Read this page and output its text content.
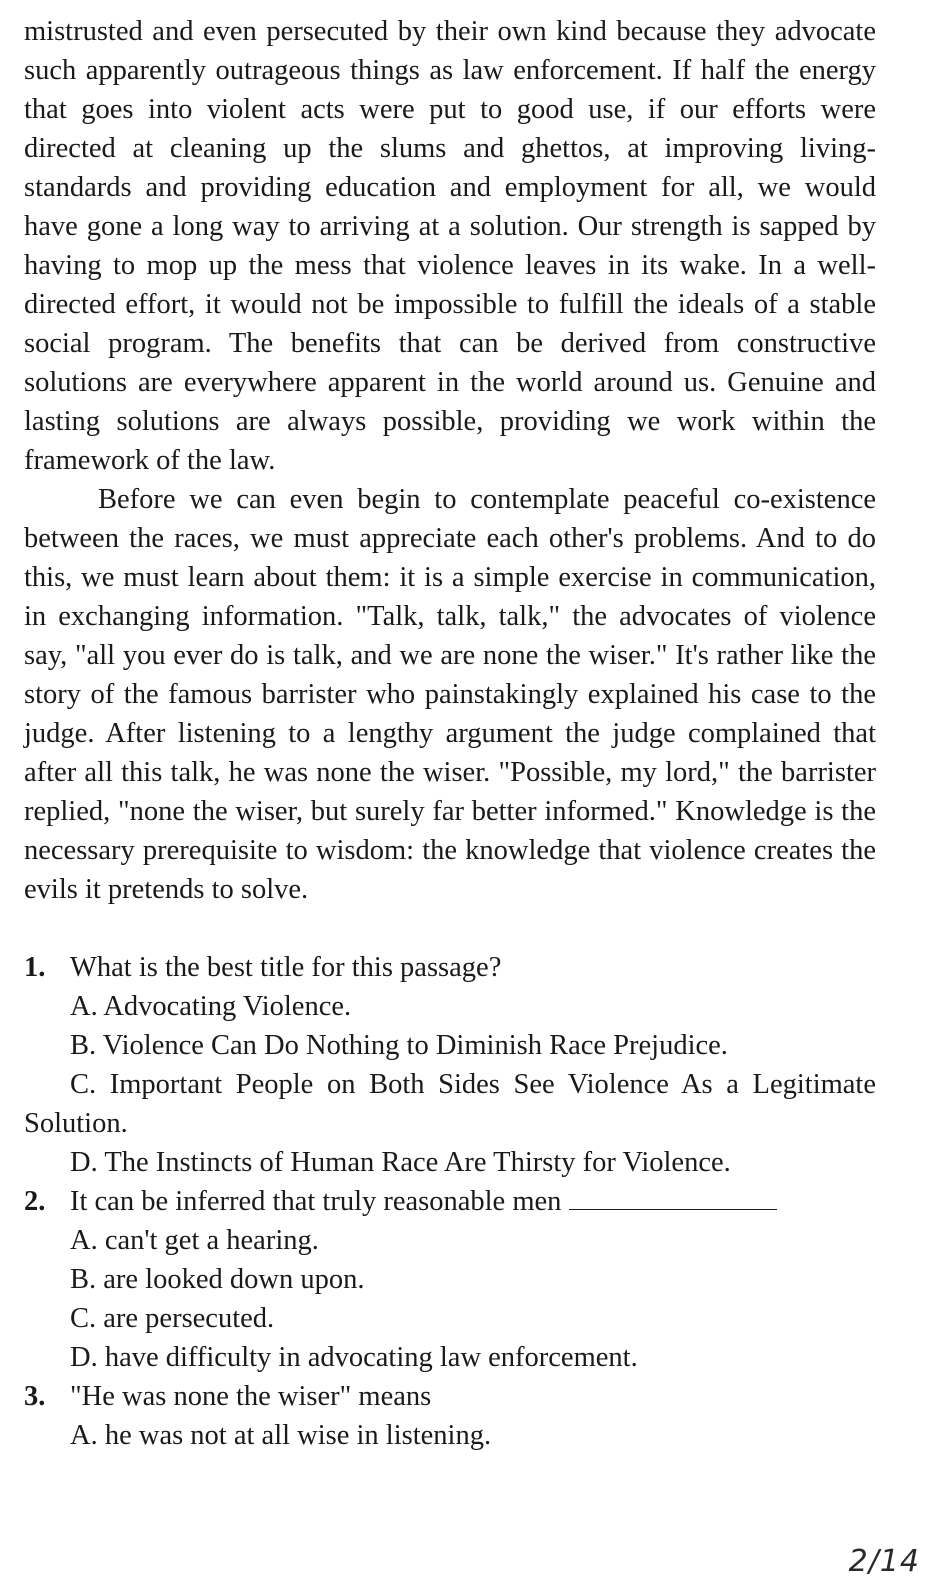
mistrusted and even persecuted by their own kind because they advocate such apparently outrageous things as law enforcement. If half the energy that goes into violent acts were put to good use, if our efforts were directed at cleaning up the slums and ghettos, at improving living-standards and providing education and employment for all, we would have gone a long way to arriving at a solution. Our strength is sapped by having to mop up the mess that violence leaves in its wake. In a well-directed effort, it would not be impossible to fulfill the ideals of a stable social program. The benefits that can be derived from constructive solutions are everywhere apparent in the world around us. Genuine and lasting solutions are always possible, providing we work within the framework of the law.

Before we can even begin to contemplate peaceful co-existence between the races, we must appreciate each other's problems. And to do this, we must learn about them: it is a simple exercise in communication, in exchanging information. "Talk, talk, talk," the advocates of violence say, "all you ever do is talk, and we are none the wiser." It's rather like the story of the famous barrister who painstakingly explained his case to the judge. After listening to a lengthy argument the judge complained that after all this talk, he was none the wiser. "Possible, my lord," the barrister replied, "none the wiser, but surely far better informed." Knowledge is the necessary prerequisite to wisdom: the knowledge that violence creates the evils it pretends to solve.

1. What is the best title for this passage?

A. Advocating Violence.

B. Violence Can Do Nothing to Diminish Race Prejudice.

C. Important People on Both Sides See Violence As a Legitimate Solution.

D. The Instincts of Human Race Are Thirsty for Violence.

2. It can be inferred that truly reasonable men

A. can't get a hearing.

B. are looked down upon.

C. are persecuted.

D. have difficulty in advocating law enforcement.

3. "He was none the wiser" means

A. he was not at all wise in listening.

2/14
